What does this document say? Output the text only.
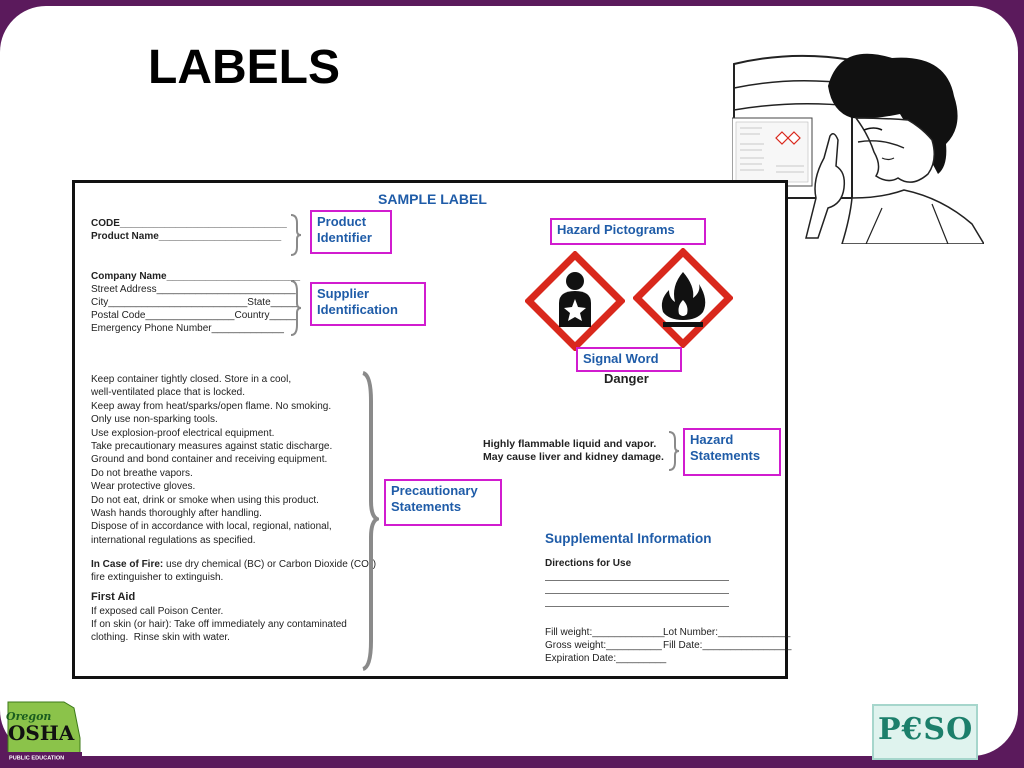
LABELS
SAMPLE LABEL
CODE______________________________
Product Name______________________
Product
Identifier
Company Name________________________
Street Address_________________________
City_________________________State_____
Postal Code________________Country_____
Emergency Phone Number_____________
Supplier
Identification
Hazard Pictograms
Signal Word
Danger
Keep container tightly closed. Store in a cool,
well-ventilated place that is locked.
Keep away from heat/sparks/open flame. No smoking.
Only use non-sparking tools.
Use explosion-proof electrical equipment.
Take precautionary measures against static discharge.
Ground and bond container and receiving equipment.
Do not breathe vapors.
Wear protective gloves.
Do not eat, drink or smoke when using this product.
Wash hands thoroughly after handling.
Dispose of in accordance with local, regional, national,
international regulations as specified.
In Case of Fire: use dry chemical (BC) or Carbon Dioxide (CO₂)
fire extinguisher to extinguish.
First Aid
If exposed call Poison Center.
If on skin (or hair): Take off immediately any contaminated
clothing.  Rinse skin with water.
Precautionary
Statements
Highly flammable liquid and vapor.
May cause liver and kidney damage.
Hazard
Statements
Supplemental Information
Directions for Use
Fill weight:_____________
Lot Number:_____________
Gross weight:__________ Fill Date:________________
Expiration Date:_________
Oregon
OSHA
PUBLIC EDUCATION
P€SO 5
